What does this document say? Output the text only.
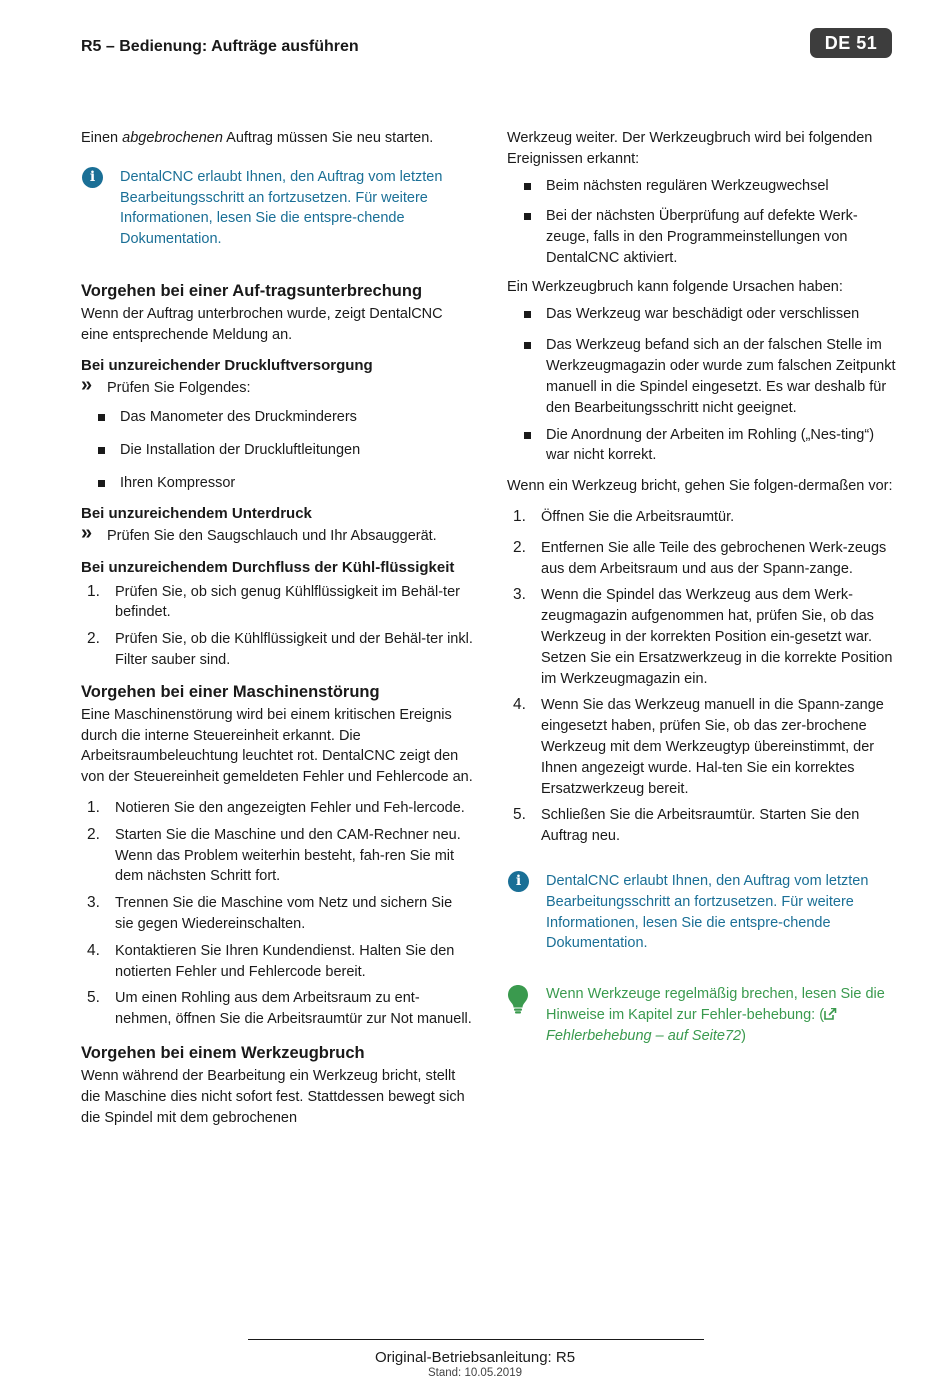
R5 – Bedienung: Aufträge ausführen	DE 51

Einen abgebrochenen Auftrag müssen Sie neu starten.

i	DentalCNC erlaubt Ihnen, den Auftrag vom letzten Bearbeitungsschritt an fortzusetzen. Für weitere Informationen, lesen Sie die entspre-chende Dokumentation.

Vorgehen bei einer Auf-tragsunterbrechung

Wenn der Auftrag unterbrochen wurde, zeigt DentalCNC eine entsprechende Meldung an.

Bei unzureichender Druckluftversorgung
» Prüfen Sie Folgendes:
Das Manometer des Druckminderers
Die Installation der Druckluftleitungen
Ihren Kompressor
Bei unzureichendem Unterdruck
» Prüfen Sie den Saugschlauch und Ihr Absauggerät.
Bei unzureichendem Durchfluss der Kühl-flüssigkeit
1. Prüfen Sie, ob sich genug Kühlflüssigkeit im Behäl-ter befindet.
2. Prüfen Sie, ob die Kühlflüssigkeit und der Behäl-ter inkl. Filter sauber sind.
Vorgehen bei einer Maschinenstörung

Eine Maschinenstörung wird bei einem kritischen Ereignis durch die interne Steuereinheit erkannt. Die Arbeitsraumbeleuchtung leuchtet rot. DentalCNC zeigt den von der Steuereinheit gemeldeten Fehler und Fehlercode an.

1. Notieren Sie den angezeigten Fehler und Feh-lercode.
2. Starten Sie die Maschine und den CAM-Rechner neu. Wenn das Problem weiterhin besteht, fah-ren Sie mit dem nächsten Schritt fort.
3. Trennen Sie die Maschine vom Netz und sichern Sie sie gegen Wiedereinschalten.
4. Kontaktieren Sie Ihren Kundendienst. Halten Sie den notierten Fehler und Fehlercode bereit.
5. Um einen Rohling aus dem Arbeitsraum zu ent-nehmen, öffnen Sie die Arbeitsraumtür zur Not manuell.
Vorgehen bei einem Werkzeugbruch

Wenn während der Bearbeitung ein Werkzeug bricht, stellt die Maschine dies nicht sofort fest. Stattdessen bewegt sich die Spindel mit dem gebrochenen

Werkzeug weiter. Der Werkzeugbruch wird bei folgenden Ereignissen erkannt:

Beim nächsten regulären Werkzeugwechsel
Bei der nächsten Überprüfung auf defekte Werk-zeuge, falls in den Programmeinstellungen von DentalCNC aktiviert.

Ein Werkzeugbruch kann folgende Ursachen haben:

Das Werkzeug war beschädigt oder verschlissen
Das Werkzeug befand sich an der falschen Stelle im Werkzeugmagazin oder wurde zum falschen Zeitpunkt manuell in die Spindel eingesetzt. Es war deshalb für den Bearbeitungsschritt nicht geeignet.
Die Anordnung der Arbeiten im Rohling („Nes-ting“) war nicht korrekt.

Wenn ein Werkzeug bricht, gehen Sie folgen-dermaßen vor:

1. Öffnen Sie die Arbeitsraumtür.
2. Entfernen Sie alle Teile des gebrochenen Werk-zeugs aus dem Arbeitsraum und aus der Spann-zange.
3. Wenn die Spindel das Werkzeug aus dem Werk-zeugmagazin aufgenommen hat, prüfen Sie, ob das Werkzeug in der korrekten Position ein-gesetzt war. Setzen Sie ein Ersatzwerkzeug in die korrekte Position im Werkzeugmagazin ein.
4. Wenn Sie das Werkzeug manuell in die Spann-zange eingesetzt haben, prüfen Sie, ob das zer-brochene Werkzeug mit dem Werkzeugtyp übereinstimmt, der Ihnen angezeigt wurde. Hal-ten Sie ein korrektes Ersatzwerkzeug bereit.
5. Schließen Sie die Arbeitsraumtür. Starten Sie den Auftrag neu.
i	DentalCNC erlaubt Ihnen, den Auftrag vom letzten Bearbeitungsschritt an fortzusetzen. Für weitere Informationen, lesen Sie die entspre-chende Dokumentation.

Wenn Werkzeuge regelmäßig brechen, lesen Sie die Hinweise im Kapitel zur Fehler-behebung: (Fehlerbehebung – auf Seite72)

Original-Betriebsanleitung: R5
Stand: 10.05.2019
